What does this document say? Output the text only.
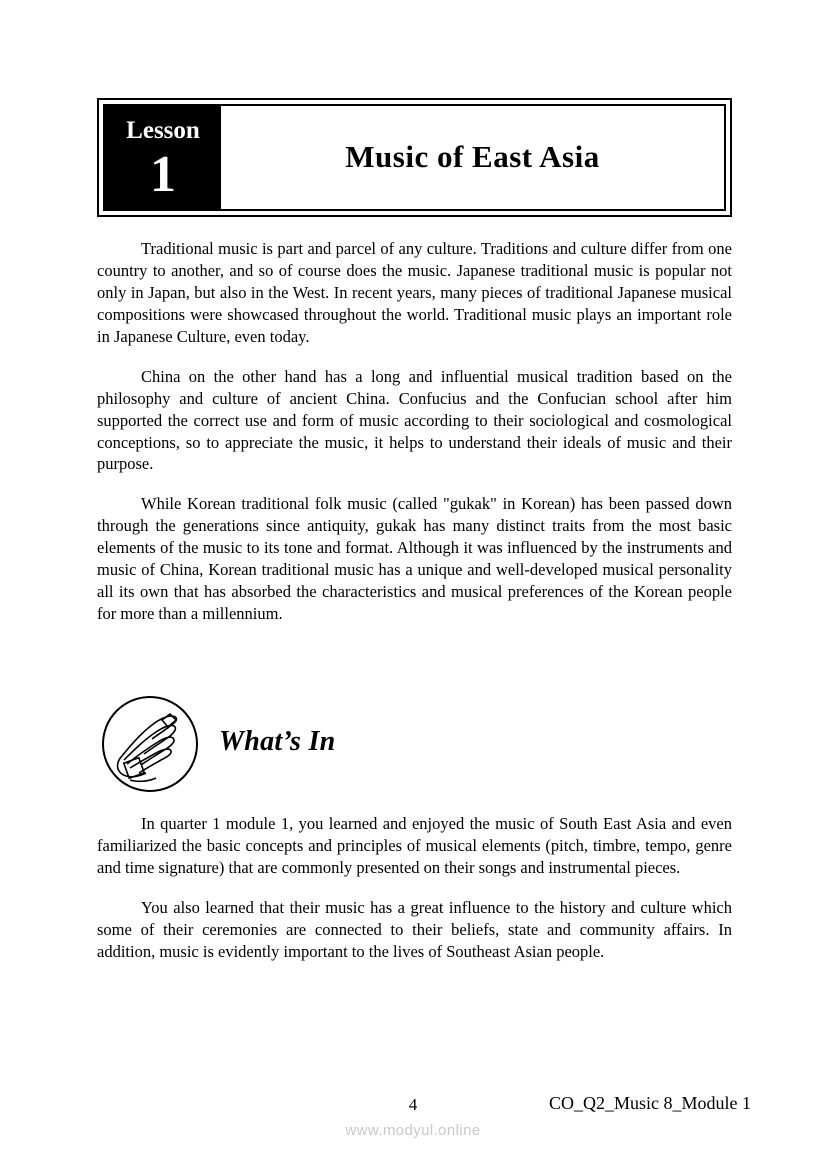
Lesson
1	Music of East Asia

Traditional music is part and parcel of any culture. Traditions and culture differ from one country to another, and so of course does the music. Japanese traditional music is popular not only in Japan, but also in the West. In recent years, many pieces of traditional Japanese musical compositions were showcased throughout the world. Traditional music plays an important role in Japanese Culture, even today.

China on the other hand has a long and influential musical tradition based on the philosophy and culture of ancient China. Confucius and the Confucian school after him supported the correct use and form of music according to their sociological and cosmological conceptions, so to appreciate the music, it helps to understand their ideals of music and their purpose.

While Korean traditional folk music (called "gukak" in Korean) has been passed down through the generations since antiquity, gukak has many distinct traits from the most basic elements of the music to its tone and format. Although it was influenced by the instruments and music of China, Korean traditional music has a unique and well-developed musical personality all its own that has absorbed the characteristics and musical preferences of the Korean people for more than a millennium.

What’s In

In quarter 1 module 1, you learned and enjoyed the music of South East Asia and even familiarized the basic concepts and principles of musical elements (pitch, timbre, tempo, genre and time signature) that are commonly presented on their songs and instrumental pieces.

You also learned that their music has a great influence to the history and culture which some of their ceremonies are connected to their beliefs, state and community affairs. In addition, music is evidently important to the lives of Southeast Asian people.

4	CO_Q2_Music 8_Module 1
www.modyul.online
